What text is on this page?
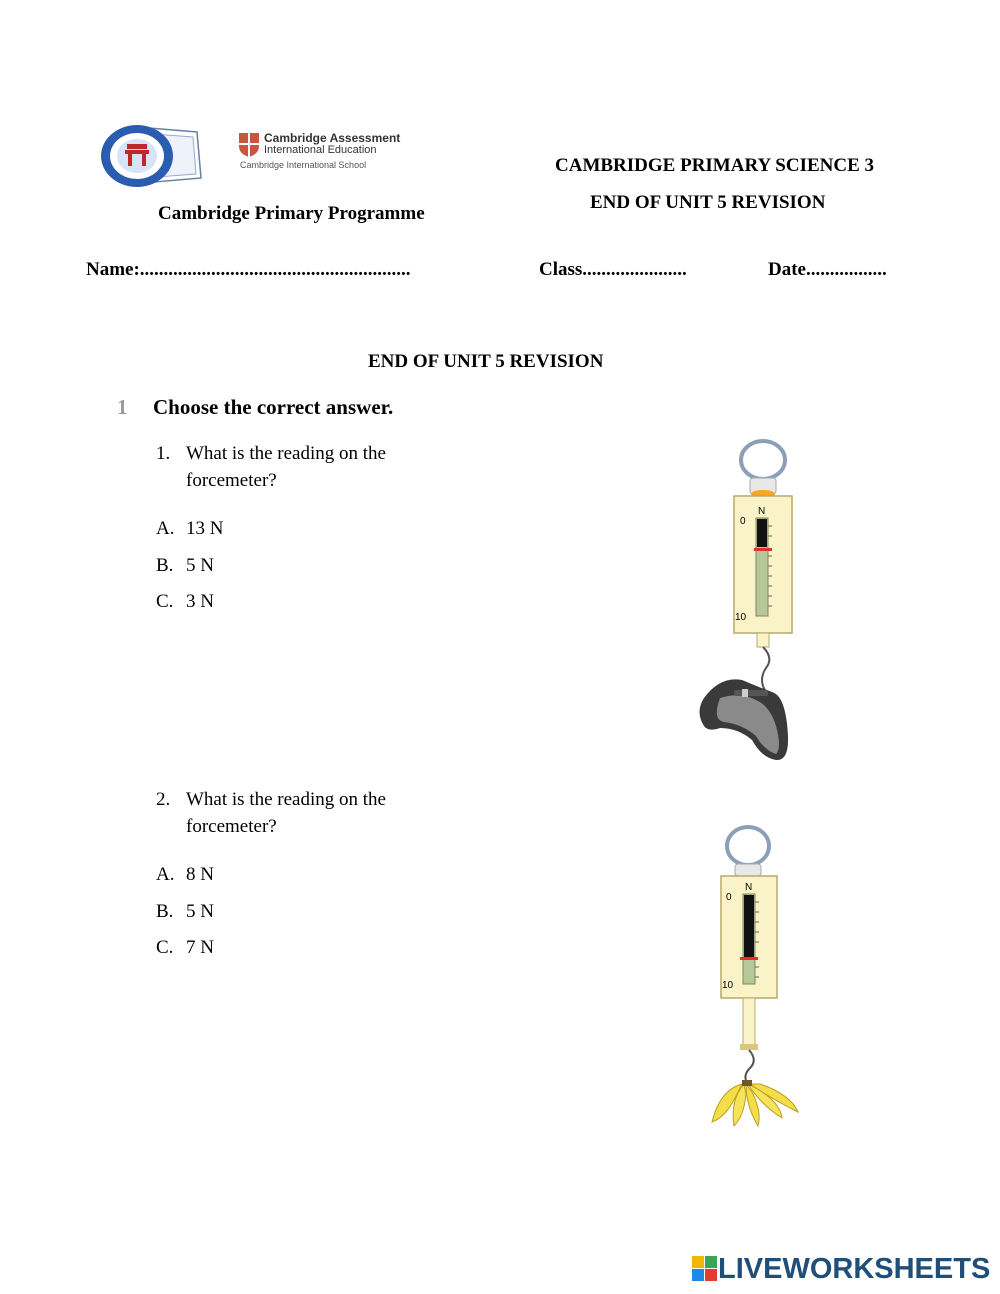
Cambridge Assessment
International Education
Cambridge International School	CAMBRIDGE PRIMARY SCIENCE 3
END OF UNIT 5 REVISION
Cambridge Primary Programme
Name:.........................................................	Class......................	Date.................
END OF UNIT 5 REVISION
1 Choose the correct answer.
1. What is the reading on the
forcemeter?
A. 13 N
B. 5 N
C. 3 N
N
0
10
2. What is the reading on the
forcemeter?
A. 8 N
B. 5 N
C. 7 N
N
0
10
LIVEWORKSHEETS
